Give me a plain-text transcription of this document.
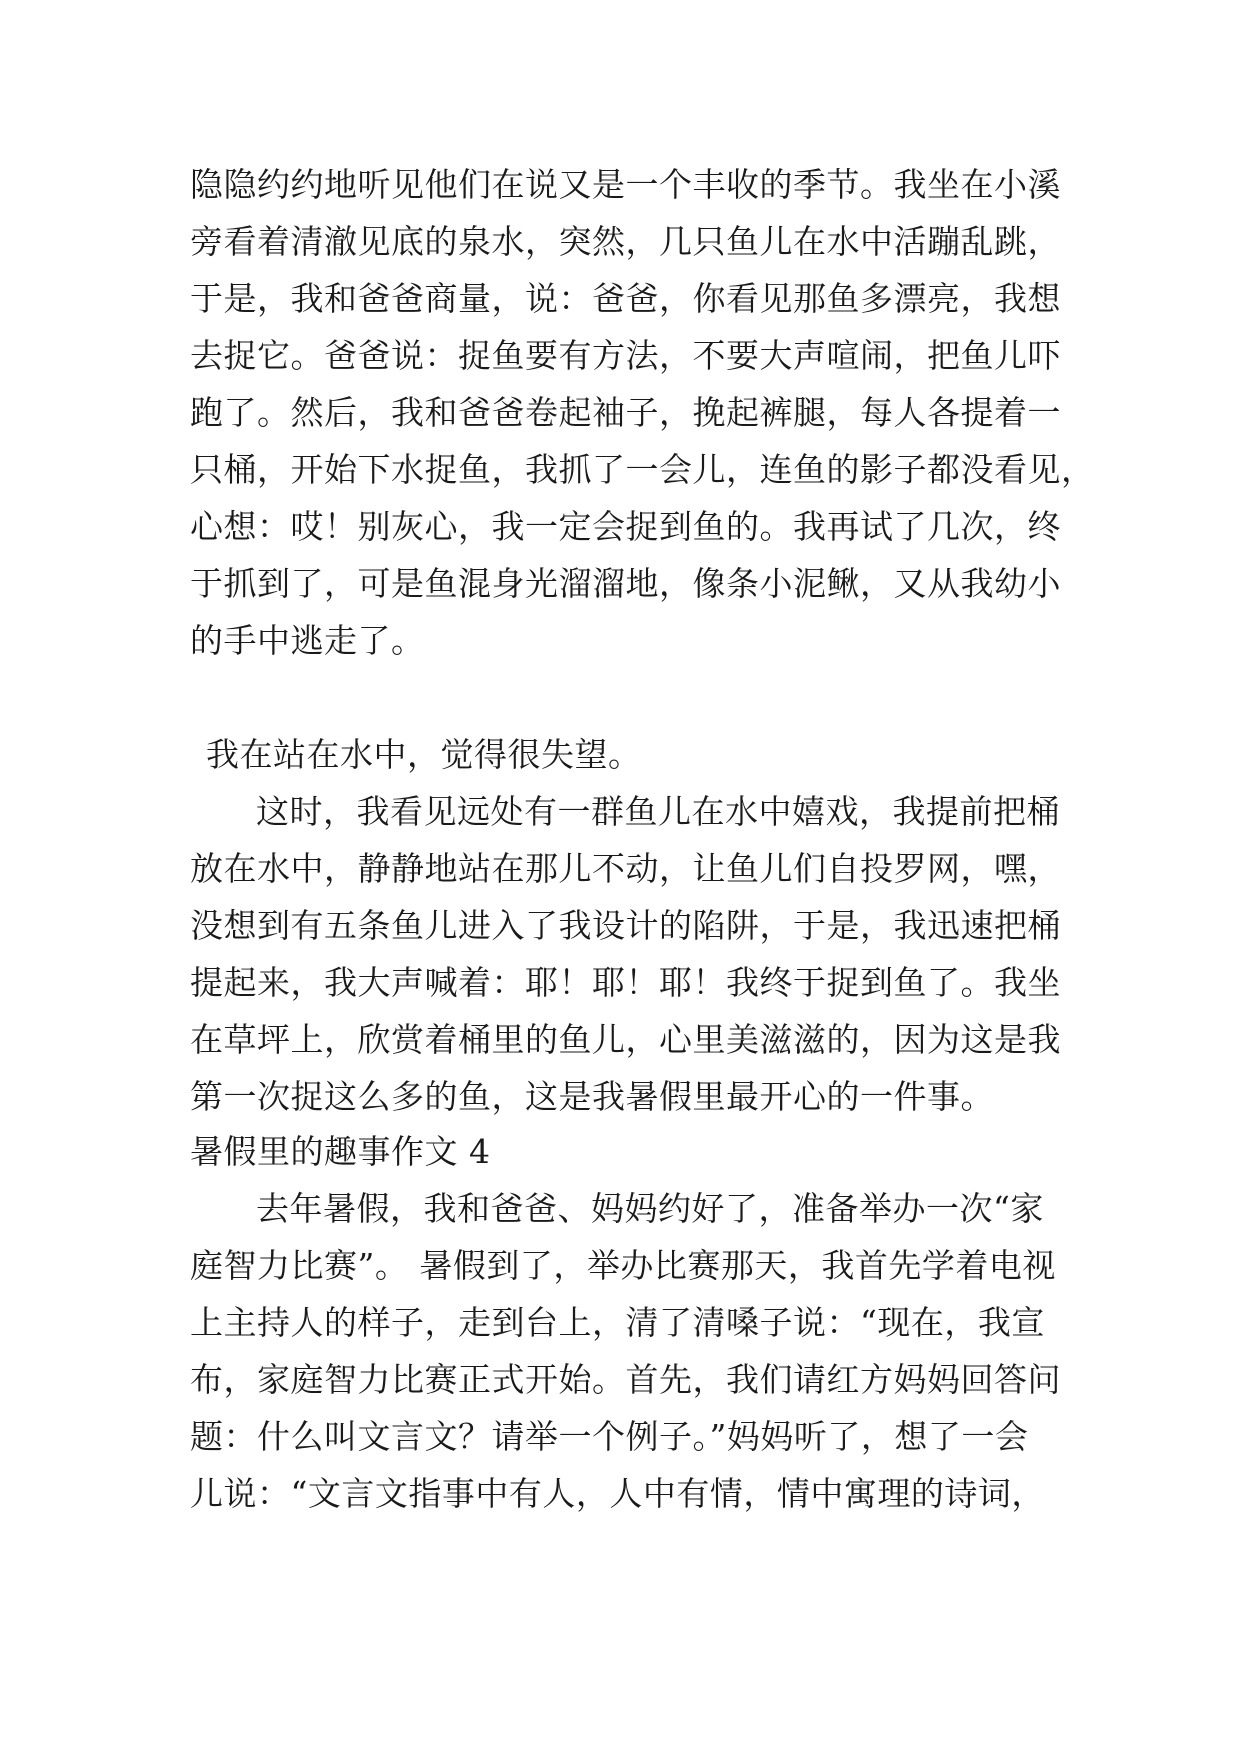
隐隐约约地听见他们在说又是一个丰收的季节。我坐在小溪
旁看着清澈见底的泉水，突然，几只鱼儿在水中活蹦乱跳，
于是，我和爸爸商量，说：爸爸，你看见那鱼多漂亮，我想
去捉它。爸爸说：捉鱼要有方法，不要大声喧闹，把鱼儿吓
跑了。然后，我和爸爸卷起袖子，挽起裤腿，每人各提着一
只桶，开始下水捉鱼，我抓了一会儿，连鱼的影子都没看见，
心想：哎！别灰心，我一定会捉到鱼的。我再试了几次，终
于抓到了，可是鱼混身光溜溜地，像条小泥鳅，又从我幼小
的手中逃走了。
我在站在水中，觉得很失望。
这时，我看见远处有一群鱼儿在水中嬉戏，我提前把桶
放在水中，静静地站在那儿不动，让鱼儿们自投罗网，嘿，
没想到有五条鱼儿进入了我设计的陷阱，于是，我迅速把桶
提起来，我大声喊着：耶！耶！耶！我终于捉到鱼了。我坐
在草坪上，欣赏着桶里的鱼儿，心里美滋滋的，因为这是我
第一次捉这么多的鱼，这是我暑假里最开心的一件事。
暑假里的趣事作文 4
去年暑假，我和爸爸、妈妈约好了，准备举办一次“家
庭智力比赛”。 暑假到了，举办比赛那天，我首先学着电视
上主持人的样子，走到台上，清了清嗓子说：“现在，我宣
布，家庭智力比赛正式开始。首先，我们请红方妈妈回答问
题：什么叫文言文？请举一个例子。”妈妈听了，想了一会
儿说：“文言文指事中有人，人中有情，情中寓理的诗词，
